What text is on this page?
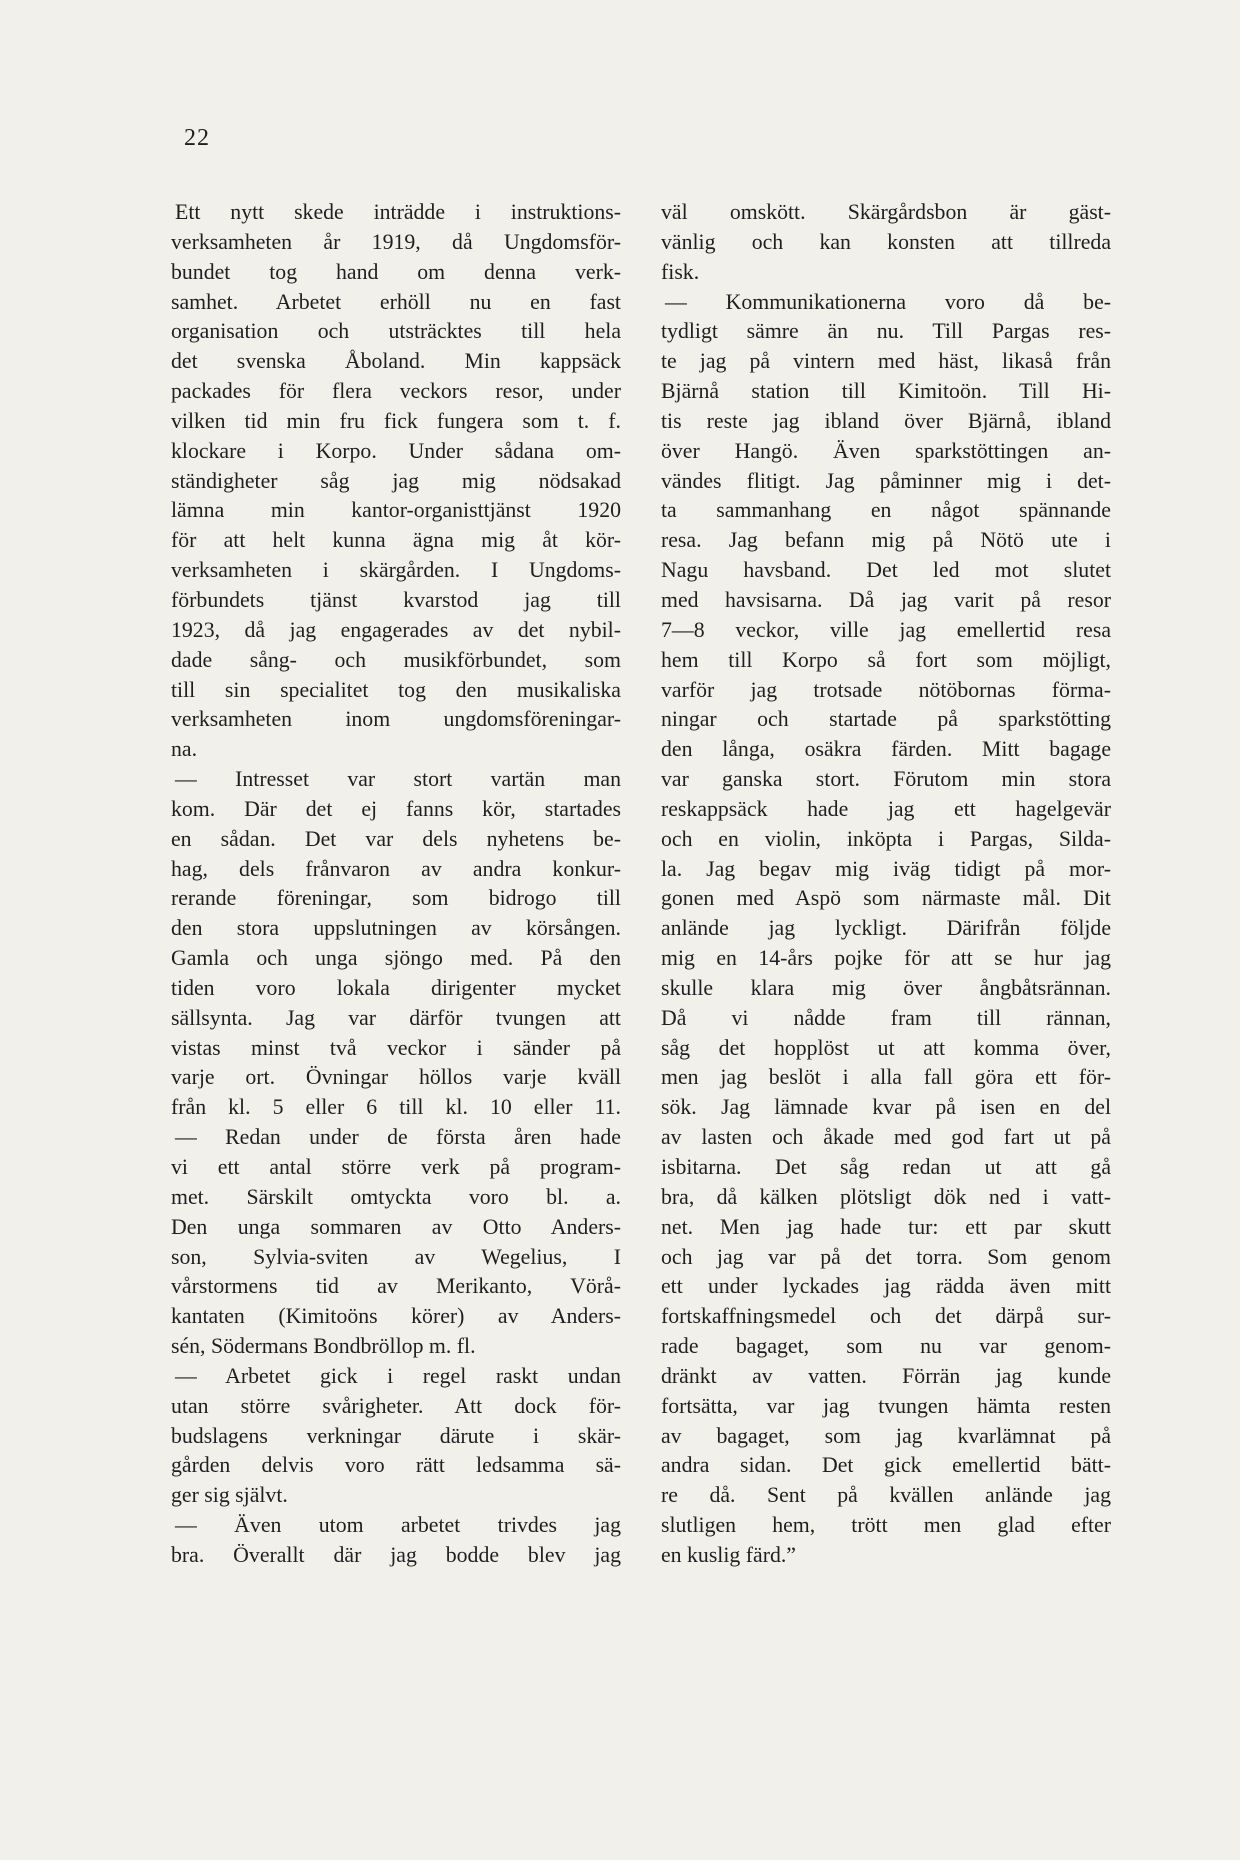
22
Ett nytt skede inträdde i instruktions-
verksamheten år 1919, då Ungdomsför-
bundet tog hand om denna verk-
samhet. Arbetet erhöll nu en fast
organisation och utsträcktes till hela
det svenska Åboland. Min kappsäck
packades för flera veckors resor, under
vilken tid min fru fick fungera som t. f.
klockare i Korpo. Under sådana om-
ständigheter såg jag mig nödsakad
lämna min kantor-organisttjänst 1920
för att helt kunna ägna mig åt kör-
verksamheten i skärgården. I Ungdoms-
förbundets tjänst kvarstod jag till
1923, då jag engagerades av det nybil-
dade sång- och musikförbundet, som
till sin specialitet tog den musikaliska
verksamheten inom ungdomsföreningar-
na.
— Intresset var stort vartän man
kom. Där det ej fanns kör, startades
en sådan. Det var dels nyhetens be-
hag, dels frånvaron av andra konkur-
rerande föreningar, som bidrogo till
den stora uppslutningen av körsången.
Gamla och unga sjöngo med. På den
tiden voro lokala dirigenter mycket
sällsynta. Jag var därför tvungen att
vistas minst två veckor i sänder på
varje ort. Övningar höllos varje kväll
från kl. 5 eller 6 till kl. 10 eller 11.
— Redan under de första åren hade
vi ett antal större verk på program-
met. Särskilt omtyckta voro bl. a.
Den unga sommaren av Otto Anders-
son, Sylvia-sviten av Wegelius, I
vårstormens tid av Merikanto, Vörå-
kantaten (Kimitoöns körer) av Anders-
sén, Södermans Bondbröllop m. fl.
— Arbetet gick i regel raskt undan
utan större svårigheter. Att dock för-
budslagens verkningar därute i skär-
gården delvis voro rätt ledsamma sä-
ger sig självt.
— Även utom arbetet trivdes jag
bra. Överallt där jag bodde blev jag
väl omskött. Skärgårdsbon är gäst-
vänlig och kan konsten att tillreda
fisk.
— Kommunikationerna voro då be-
tydligt sämre än nu. Till Pargas res-
te jag på vintern med häst, likaså från
Bjärnå station till Kimitoön. Till Hi-
tis reste jag ibland över Bjärnå, ibland
över Hangö. Även sparkstöttingen an-
vändes flitigt. Jag påminner mig i det-
ta sammanhang en något spännande
resa. Jag befann mig på Nötö ute i
Nagu havsband. Det led mot slutet
med havsisarna. Då jag varit på resor
7—8 veckor, ville jag emellertid resa
hem till Korpo så fort som möjligt,
varför jag trotsade nötöbornas förma-
ningar och startade på sparkstötting
den långa, osäkra färden. Mitt bagage
var ganska stort. Förutom min stora
reskappsäck hade jag ett hagelgevär
och en violin, inköpta i Pargas, Silda-
la. Jag begav mig iväg tidigt på mor-
gonen med Aspö som närmaste mål. Dit
anlände jag lyckligt. Därifrån följde
mig en 14-års pojke för att se hur jag
skulle klara mig över ångbåtsrännan.
Då vi nådde fram till rännan,
såg det hopplöst ut att komma över,
men jag beslöt i alla fall göra ett för-
sök. Jag lämnade kvar på isen en del
av lasten och åkade med god fart ut på
isbitarna. Det såg redan ut att gå
bra, då kälken plötsligt dök ned i vatt-
net. Men jag hade tur: ett par skutt
och jag var på det torra. Som genom
ett under lyckades jag rädda även mitt
fortskaffningsmedel och det därpå sur-
rade bagaget, som nu var genom-
dränkt av vatten. Förrän jag kunde
fortsätta, var jag tvungen hämta resten
av bagaget, som jag kvarlämnat på
andra sidan. Det gick emellertid bätt-
re då. Sent på kvällen anlände jag
slutligen hem, trött men glad efter
en kuslig färd.”
